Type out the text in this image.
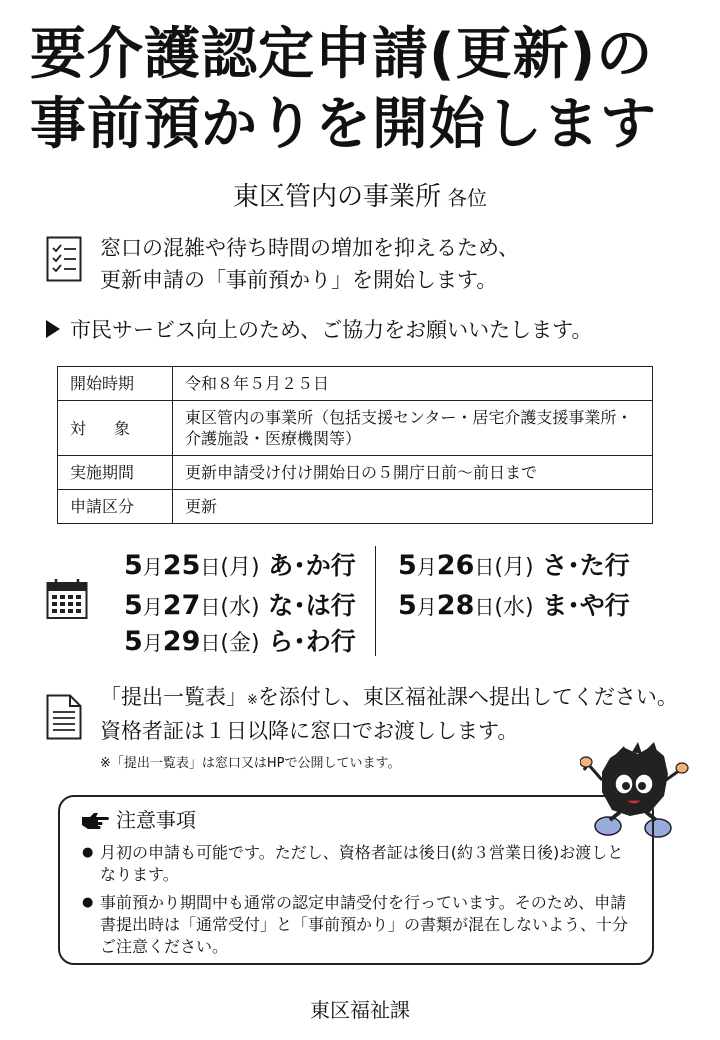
要介護認定申請(更新)の
事前預かりを開始します
東区管内の事業所 各位
窓口の混雑や待ち時間の増加を抑えるため、
更新申請の「事前預かり」を開始します。
市民サービス向上のため、ご協力をお願いいたします。
開始時期	令和８年５月２５日
対象	東区管内の事業所（包括支援センター・居宅介護支援事業所・介護施設・医療機関等）
実施期間	更新申請受け付け開始日の５開庁日前～前日まで
申請区分	更新
5月25日(月) あ･か行
5月27日(水) な･は行
5月29日(金) ら･わ行
5月26日(月) さ･た行
5月28日(水) ま･や行
「提出一覧表」※を添付し、東区福祉課へ提出してください。資格者証は１日以降に窓口でお渡しします。
※「提出一覧表」は窓口又はHPで公開しています。
注意事項
● 月初の申請も可能です。ただし、資格者証は後日(約３営業日後)お渡しとなります。
● 事前預かり期間中も通常の認定申請受付を行っています。そのため、申請書提出時は「通常受付」と「事前預かり」の書類が混在しないよう、十分ご注意ください。
東区福祉課
